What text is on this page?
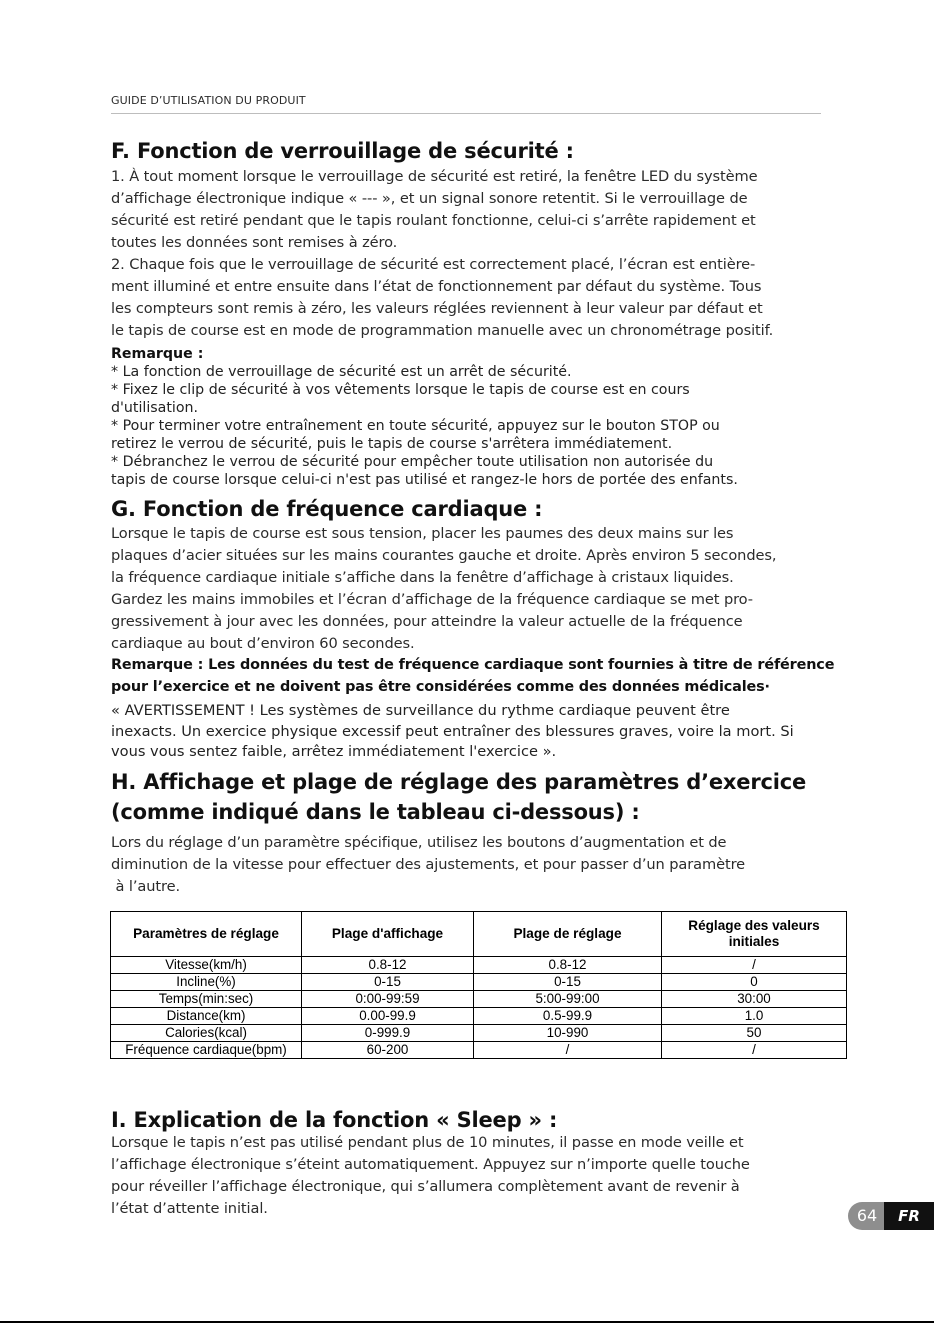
GUIDE D’UTILISATION DU PRODUIT
F. Fonction de verrouillage de sécurité :
1. À tout moment lorsque le verrouillage de sécurité est retiré, la fenêtre LED du système
d’affichage électronique indique « --- », et un signal sonore retentit. Si le verrouillage de
sécurité est retiré pendant que le tapis roulant fonctionne, celui-ci s’arrête rapidement et
toutes les données sont remises à zéro.
2. Chaque fois que le verrouillage de sécurité est correctement placé, l’écran est entière-
ment illuminé et entre ensuite dans l’état de fonctionnement par défaut du système. Tous
les compteurs sont remis à zéro, les valeurs réglées reviennent à leur valeur par défaut et
le tapis de course est en mode de programmation manuelle avec un chronométrage positif.
Remarque :
* La fonction de verrouillage de sécurité est un arrêt de sécurité.
* Fixez le clip de sécurité à vos vêtements lorsque le tapis de course est en cours
d'utilisation.
* Pour terminer votre entraînement en toute sécurité, appuyez sur le bouton STOP ou
retirez le verrou de sécurité, puis le tapis de course s'arrêtera immédiatement.
* Débranchez le verrou de sécurité pour empêcher toute utilisation non autorisée du
tapis de course lorsque celui-ci n'est pas utilisé et rangez-le hors de portée des enfants.
G. Fonction de fréquence cardiaque :
Lorsque le tapis de course est sous tension, placer les paumes des deux mains sur les
plaques d’acier situées sur les mains courantes gauche et droite. Après environ 5 secondes,
la fréquence cardiaque initiale s’affiche dans la fenêtre d’affichage à cristaux liquides.
Gardez les mains immobiles et l’écran d’affichage de la fréquence cardiaque se met pro-
gressivement à jour avec les données, pour atteindre la valeur actuelle de la fréquence
cardiaque au bout d’environ 60 secondes.
Remarque : Les données du test de fréquence cardiaque sont fournies à titre de référence
pour l’exercice et ne doivent pas être considérées comme des données médicales·
« AVERTISSEMENT ! Les systèmes de surveillance du rythme cardiaque peuvent être
inexacts. Un exercice physique excessif peut entraîner des blessures graves, voire la mort. Si
vous vous sentez faible, arrêtez immédiatement l'exercice ».
H. Affichage et plage de réglage des paramètres d’exercice
(comme indiqué dans le tableau ci-dessous) :
Lors du réglage d’un paramètre spécifique, utilisez les boutons d’augmentation et de
diminution de la vitesse pour effectuer des ajustements, et pour passer d’un paramètre
à l’autre.
Paramètres de réglage	Plage d'affichage	Plage de réglage	Réglage des valeurs initiales
Vitesse(km/h)	0.8-12	0.8-12	/
Incline(%)	0-15	0-15	0
Temps(min:sec)	0:00-99:59	5:00-99:00	30:00
Distance(km)	0.00-99.9	0.5-99.9	1.0
Calories(kcal)	0-999.9	10-990	50
Fréquence cardiaque(bpm)	60-200	/	/
I. Explication de la fonction « Sleep » :
Lorsque le tapis n’est pas utilisé pendant plus de 10 minutes, il passe en mode veille et
l’affichage électronique s’éteint automatiquement. Appuyez sur n’importe quelle touche
pour réveiller l’affichage électronique, qui s’allumera complètement avant de revenir à
l’état d’attente initial.	64	FR
